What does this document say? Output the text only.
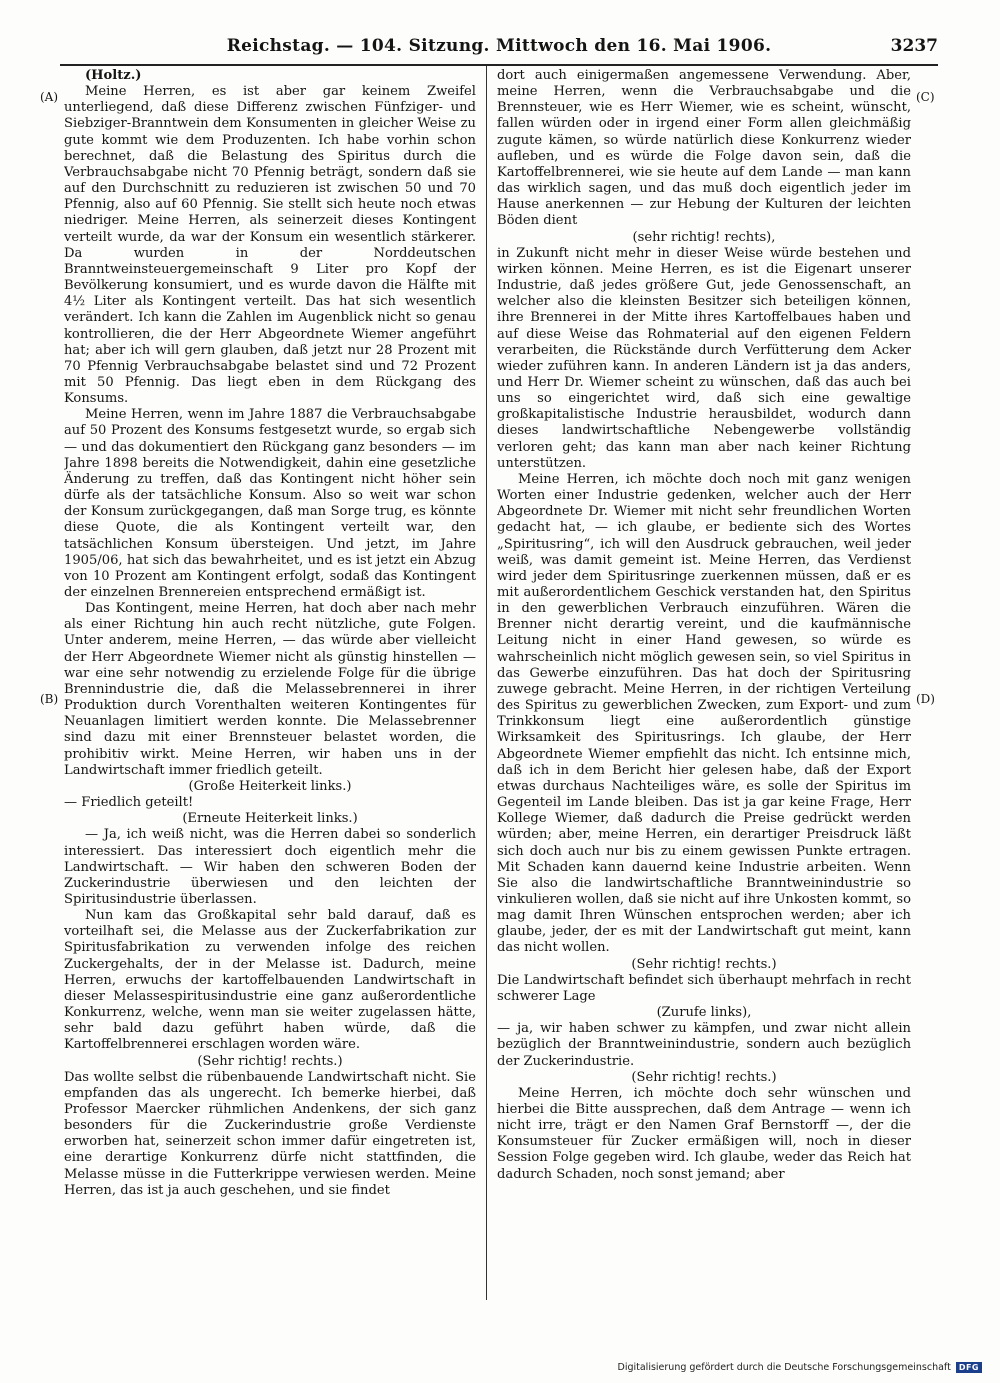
Reichstag. — 104. Sitzung. Mittwoch den 16. Mai 1906.	3237
(A)
(B)
(C)
(D)

(Holtz.)

Meine Herren, es ist aber gar keinem Zweifel unterliegend, daß diese Differenz zwischen Fünfziger- und Siebziger-Branntwein dem Konsumenten in gleicher Weise zu gute kommt wie dem Produzenten. Ich habe vorhin schon berechnet, daß die Belastung des Spiritus durch die Verbrauchsabgabe nicht 70 Pfennig beträgt, sondern daß sie auf den Durchschnitt zu reduzieren ist zwischen 50 und 70 Pfennig, also auf 60 Pfennig. Sie stellt sich heute noch etwas niedriger. Meine Herren, als seinerzeit dieses Kontingent verteilt wurde, da war der Konsum ein wesentlich stärkerer. Da wurden in der Norddeutschen Branntweinsteuergemeinschaft 9 Liter pro Kopf der Bevölkerung konsumiert, und es wurde davon die Hälfte mit 4½ Liter als Kontingent verteilt. Das hat sich wesentlich verändert. Ich kann die Zahlen im Augenblick nicht so genau kontrollieren, die der Herr Abgeordnete Wiemer angeführt hat; aber ich will gern glauben, daß jetzt nur 28 Prozent mit 70 Pfennig Verbrauchsabgabe belastet sind und 72 Prozent mit 50 Pfennig. Das liegt eben in dem Rückgang des Konsums.

Meine Herren, wenn im Jahre 1887 die Verbrauchsabgabe auf 50 Prozent des Konsums festgesetzt wurde, so ergab sich — und das dokumentiert den Rückgang ganz besonders — im Jahre 1898 bereits die Notwendigkeit, dahin eine gesetzliche Änderung zu treffen, daß das Kontingent nicht höher sein dürfe als der tatsächliche Konsum. Also so weit war schon der Konsum zurückgegangen, daß man Sorge trug, es könnte diese Quote, die als Kontingent verteilt war, den tatsächlichen Konsum übersteigen. Und jetzt, im Jahre 1905/06, hat sich das bewahrheitet, und es ist jetzt ein Abzug von 10 Prozent am Kontingent erfolgt, sodaß das Kontingent der einzelnen Brennereien entsprechend ermäßigt ist.

Das Kontingent, meine Herren, hat doch aber nach mehr als einer Richtung hin auch recht nützliche, gute Folgen. Unter anderem, meine Herren, — das würde aber vielleicht der Herr Abgeordnete Wiemer nicht als günstig hinstellen — war eine sehr notwendig zu erzielende Folge für die übrige Brennindustrie die, daß die Melassebrennerei in ihrer Produktion durch Vorenthalten weiteren Kontingentes für Neuanlagen limitiert werden konnte. Die Melassebrenner sind dazu mit einer Brennsteuer belastet worden, die prohibitiv wirkt. Meine Herren, wir haben uns in der Landwirtschaft immer friedlich geteilt.

(Große Heiterkeit links.)

— Friedlich geteilt!

(Erneute Heiterkeit links.)

— Ja, ich weiß nicht, was die Herren dabei so sonderlich interessiert. Das interessiert doch eigentlich mehr die Landwirtschaft. — Wir haben den schweren Boden der Zuckerindustrie überwiesen und den leichten der Spiritusindustrie überlassen.

Nun kam das Großkapital sehr bald darauf, daß es vorteilhaft sei, die Melasse aus der Zuckerfabrikation zur Spiritusfabrikation zu verwenden infolge des reichen Zuckergehalts, der in der Melasse ist. Dadurch, meine Herren, erwuchs der kartoffelbauenden Landwirtschaft in dieser Melassespiritusindustrie eine ganz außerordentliche Konkurrenz, welche, wenn man sie weiter zugelassen hätte, sehr bald dazu geführt haben würde, daß die Kartoffelbrennerei erschlagen worden wäre.

(Sehr richtig! rechts.)

Das wollte selbst die rübenbauende Landwirtschaft nicht. Sie empfanden das als ungerecht. Ich bemerke hierbei, daß Professor Maercker rühmlichen Andenkens, der sich ganz besonders für die Zuckerindustrie große Verdienste erworben hat, seinerzeit schon immer dafür eingetreten ist, eine derartige Konkurrenz dürfe nicht stattfinden, die Melasse müsse in die Futterkrippe verwiesen werden. Meine Herren, das ist ja auch geschehen, und sie findet

dort auch einigermaßen angemessene Verwendung. Aber, meine Herren, wenn die Verbrauchsabgabe und die Brennsteuer, wie es Herr Wiemer, wie es scheint, wünscht, fallen würden oder in irgend einer Form allen gleichmäßig zugute kämen, so würde natürlich diese Konkurrenz wieder aufleben, und es würde die Folge davon sein, daß die Kartoffelbrennerei, wie sie heute auf dem Lande — man kann das wirklich sagen, und das muß doch eigentlich jeder im Hause anerkennen — zur Hebung der Kulturen der leichten Böden dient

(sehr richtig! rechts),

in Zukunft nicht mehr in dieser Weise würde bestehen und wirken können. Meine Herren, es ist die Eigenart unserer Industrie, daß jedes größere Gut, jede Genossenschaft, an welcher also die kleinsten Besitzer sich beteiligen können, ihre Brennerei in der Mitte ihres Kartoffelbaues haben und auf diese Weise das Rohmaterial auf den eigenen Feldern verarbeiten, die Rückstände durch Verfütterung dem Acker wieder zuführen kann. In anderen Ländern ist ja das anders, und Herr Dr. Wiemer scheint zu wünschen, daß das auch bei uns so eingerichtet wird, daß sich eine gewaltige großkapitalistische Industrie herausbildet, wodurch dann dieses landwirtschaftliche Nebengewerbe vollständig verloren geht; das kann man aber nach keiner Richtung unterstützen.

Meine Herren, ich möchte doch noch mit ganz wenigen Worten einer Industrie gedenken, welcher auch der Herr Abgeordnete Dr. Wiemer mit nicht sehr freundlichen Worten gedacht hat, — ich glaube, er bediente sich des Wortes „Spiritusring“, ich will den Ausdruck gebrauchen, weil jeder weiß, was damit gemeint ist. Meine Herren, das Verdienst wird jeder dem Spiritusringe zuerkennen müssen, daß er es mit außerordentlichem Geschick verstanden hat, den Spiritus in den gewerblichen Verbrauch einzuführen. Wären die Brenner nicht derartig vereint, und die kaufmännische Leitung nicht in einer Hand gewesen, so würde es wahrscheinlich nicht möglich gewesen sein, so viel Spiritus in das Gewerbe einzuführen. Das hat doch der Spiritusring zuwege gebracht. Meine Herren, in der richtigen Verteilung des Spiritus zu gewerblichen Zwecken, zum Export- und zum Trinkkonsum liegt eine außerordentlich günstige Wirksamkeit des Spiritusrings. Ich glaube, der Herr Abgeordnete Wiemer empfiehlt das nicht. Ich entsinne mich, daß ich in dem Bericht hier gelesen habe, daß der Export etwas durchaus Nachteiliges wäre, es solle der Spiritus im Gegenteil im Lande bleiben. Das ist ja gar keine Frage, Herr Kollege Wiemer, daß dadurch die Preise gedrückt werden würden; aber, meine Herren, ein derartiger Preisdruck läßt sich doch auch nur bis zu einem gewissen Punkte ertragen. Mit Schaden kann dauernd keine Industrie arbeiten. Wenn Sie also die landwirtschaftliche Branntweinindustrie so vinkulieren wollen, daß sie nicht auf ihre Unkosten kommt, so mag damit Ihren Wünschen entsprochen werden; aber ich glaube, jeder, der es mit der Landwirtschaft gut meint, kann das nicht wollen.

(Sehr richtig! rechts.)

Die Landwirtschaft befindet sich überhaupt mehrfach in recht schwerer Lage

(Zurufe links),

— ja, wir haben schwer zu kämpfen, und zwar nicht allein bezüglich der Branntweinindustrie, sondern auch bezüglich der Zuckerindustrie.

(Sehr richtig! rechts.)

Meine Herren, ich möchte doch sehr wünschen und hierbei die Bitte aussprechen, daß dem Antrage — wenn ich nicht irre, trägt er den Namen Graf Bernstorff —, der die Konsumsteuer für Zucker ermäßigen will, noch in dieser Session Folge gegeben wird. Ich glaube, weder das Reich hat dadurch Schaden, noch sonst jemand; aber

Digitalisierung gefördert durch die Deutsche Forschungsgemeinschaft	DFG
